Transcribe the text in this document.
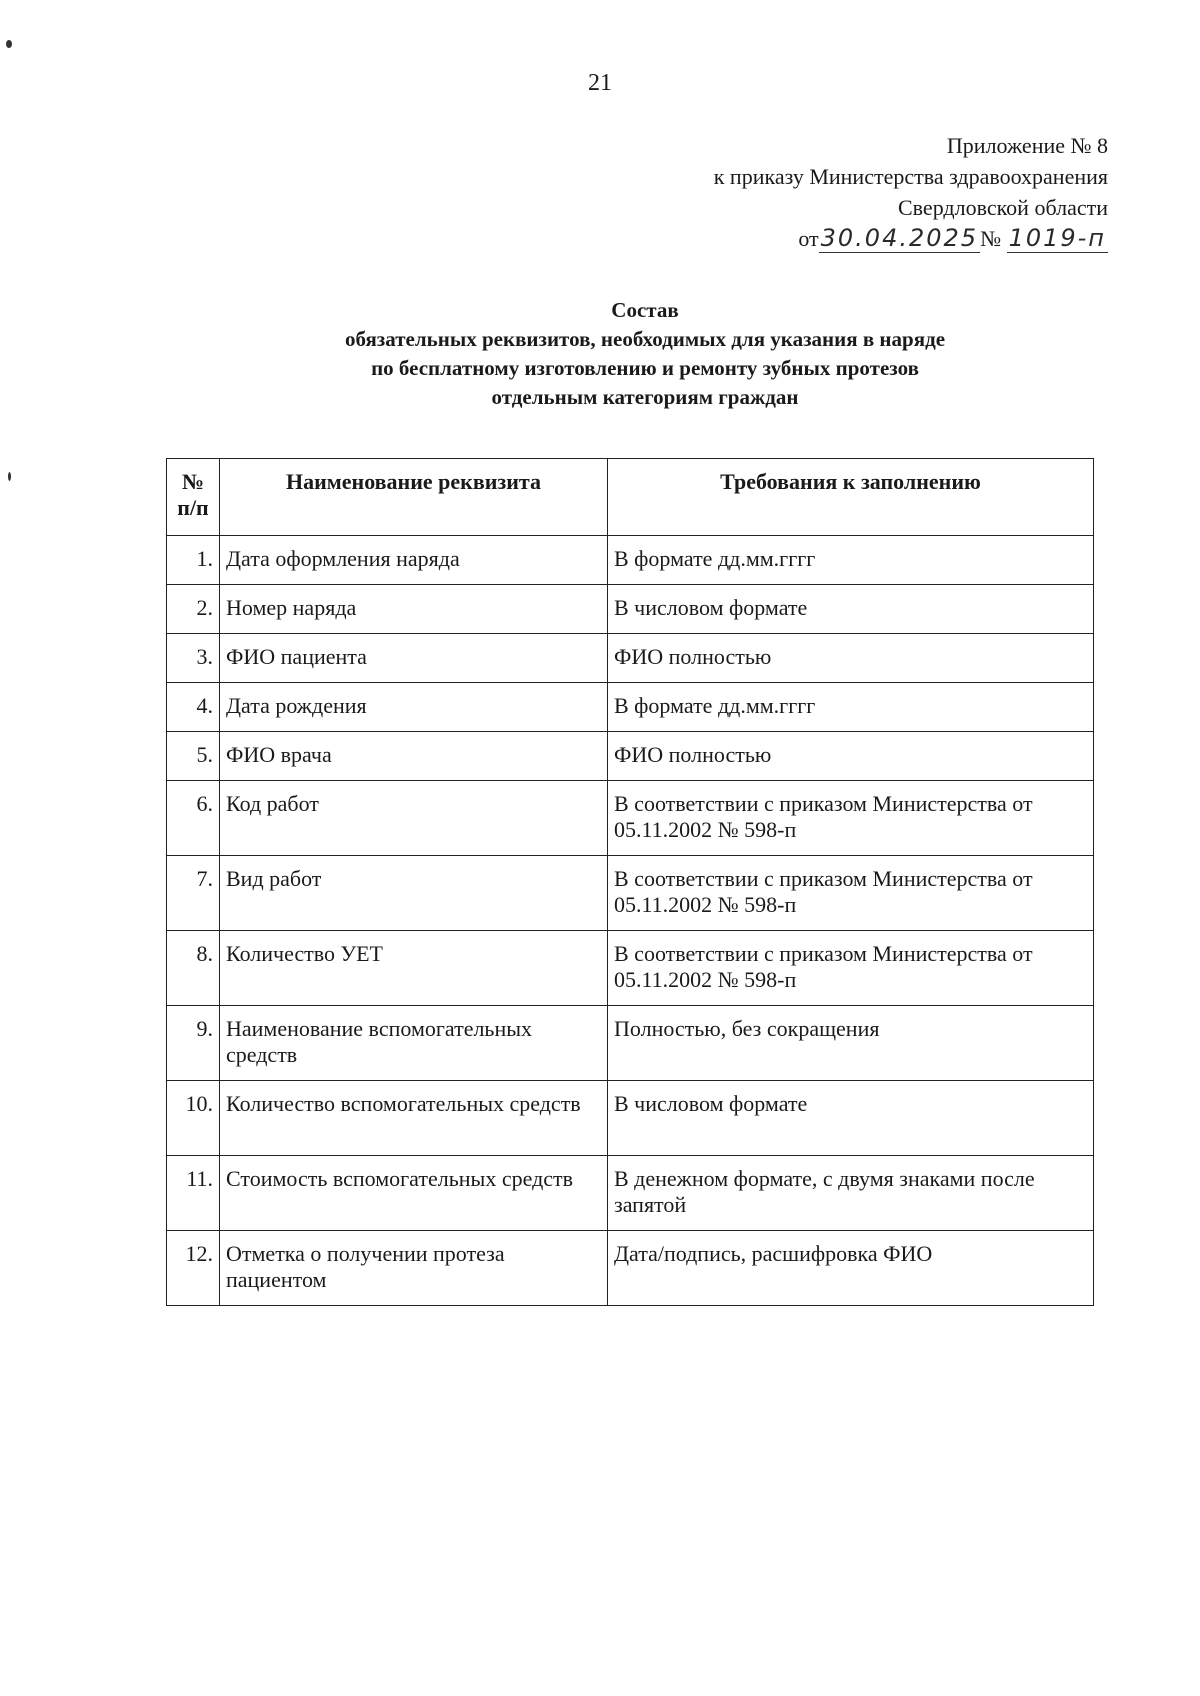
21
Приложение № 8
к приказу Министерства здравоохранения
Свердловской области
от30.04.2025№ 1019-п
Состав
обязательных реквизитов, необходимых для указания в наряде
по бесплатному изготовлению и ремонту зубных протезов
отдельным категориям граждан
№
п/п	Наименование реквизита	Требования к заполнению
1.	Дата оформления наряда	В формате дд.мм.гггг
2.	Номер наряда	В числовом формате
3.	ФИО пациента	ФИО полностью
4.	Дата рождения	В формате дд.мм.гггг
5.	ФИО врача	ФИО полностью
6.	Код работ	В соответствии с приказом Министерства от 05.11.2002 № 598-п
7.	Вид работ	В соответствии с приказом Министерства от 05.11.2002 № 598-п
8.	Количество УЕТ	В соответствии с приказом Министерства от 05.11.2002 № 598-п
9.	Наименование вспомогательных средств	Полностью, без сокращения
10.	Количество вспомогательных средств	В числовом формате
11.	Стоимость вспомогательных средств	В денежном формате, с двумя знаками после запятой
12.	Отметка о получении протеза пациентом	Дата/подпись, расшифровка ФИО
